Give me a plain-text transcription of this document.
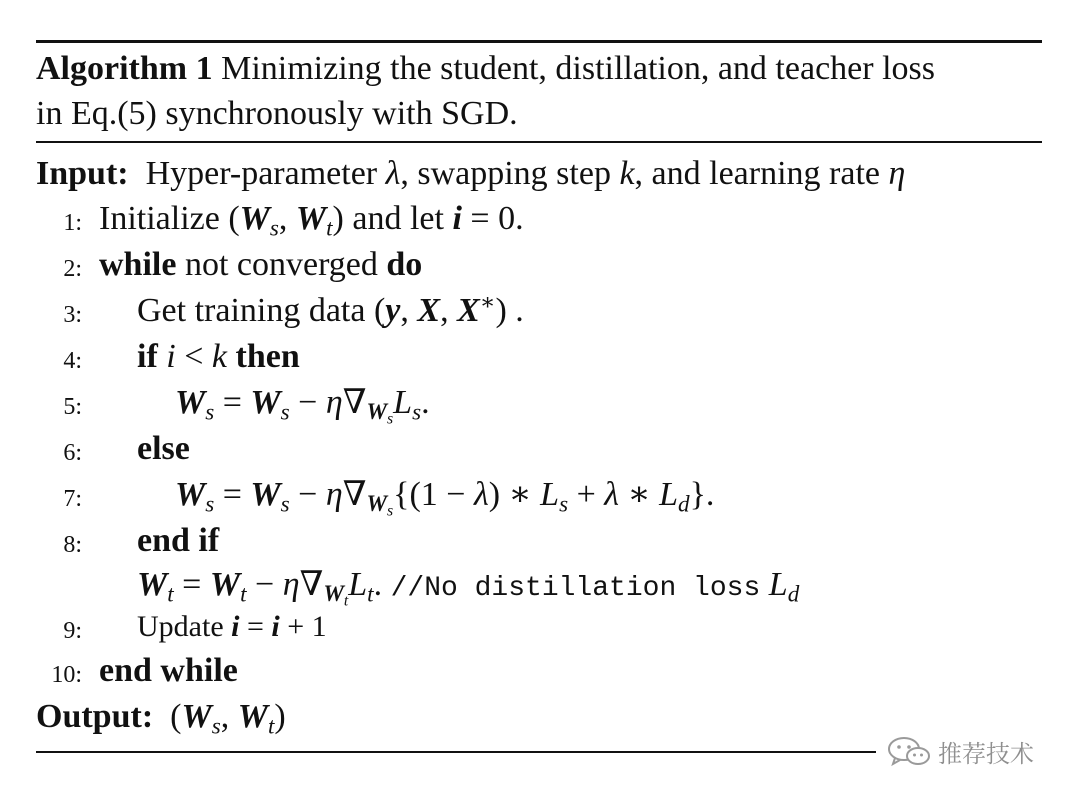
Algorithm 1 Minimizing the student, distillation, and teacher loss
in Eq.(5) synchronously with SGD.
Input: Hyper-parameter λ, swapping step k, and learning rate η
1: Initialize ($W_s$, $W_t$) and let i = 0.
2: while not converged do
3: Get training data (y, X, X∗) .
4: if i < k then
5:	$W_s = W_s - \eta\nabla_{W_s}L_s$.
6: else
7:	$W_s = W_s - \eta\nabla_{W_s}\{(1 - \lambda)$ ∗ $L_s + \lambda$ ∗ $L_d$}.
8: end if
$W_t = W_t - \eta\nabla_{W_t}L_t$. //No distillation loss $L_d$
9: Update i = i + 1
10: end while
Output:  ($W_s$, $W_t$)
推荐技术
